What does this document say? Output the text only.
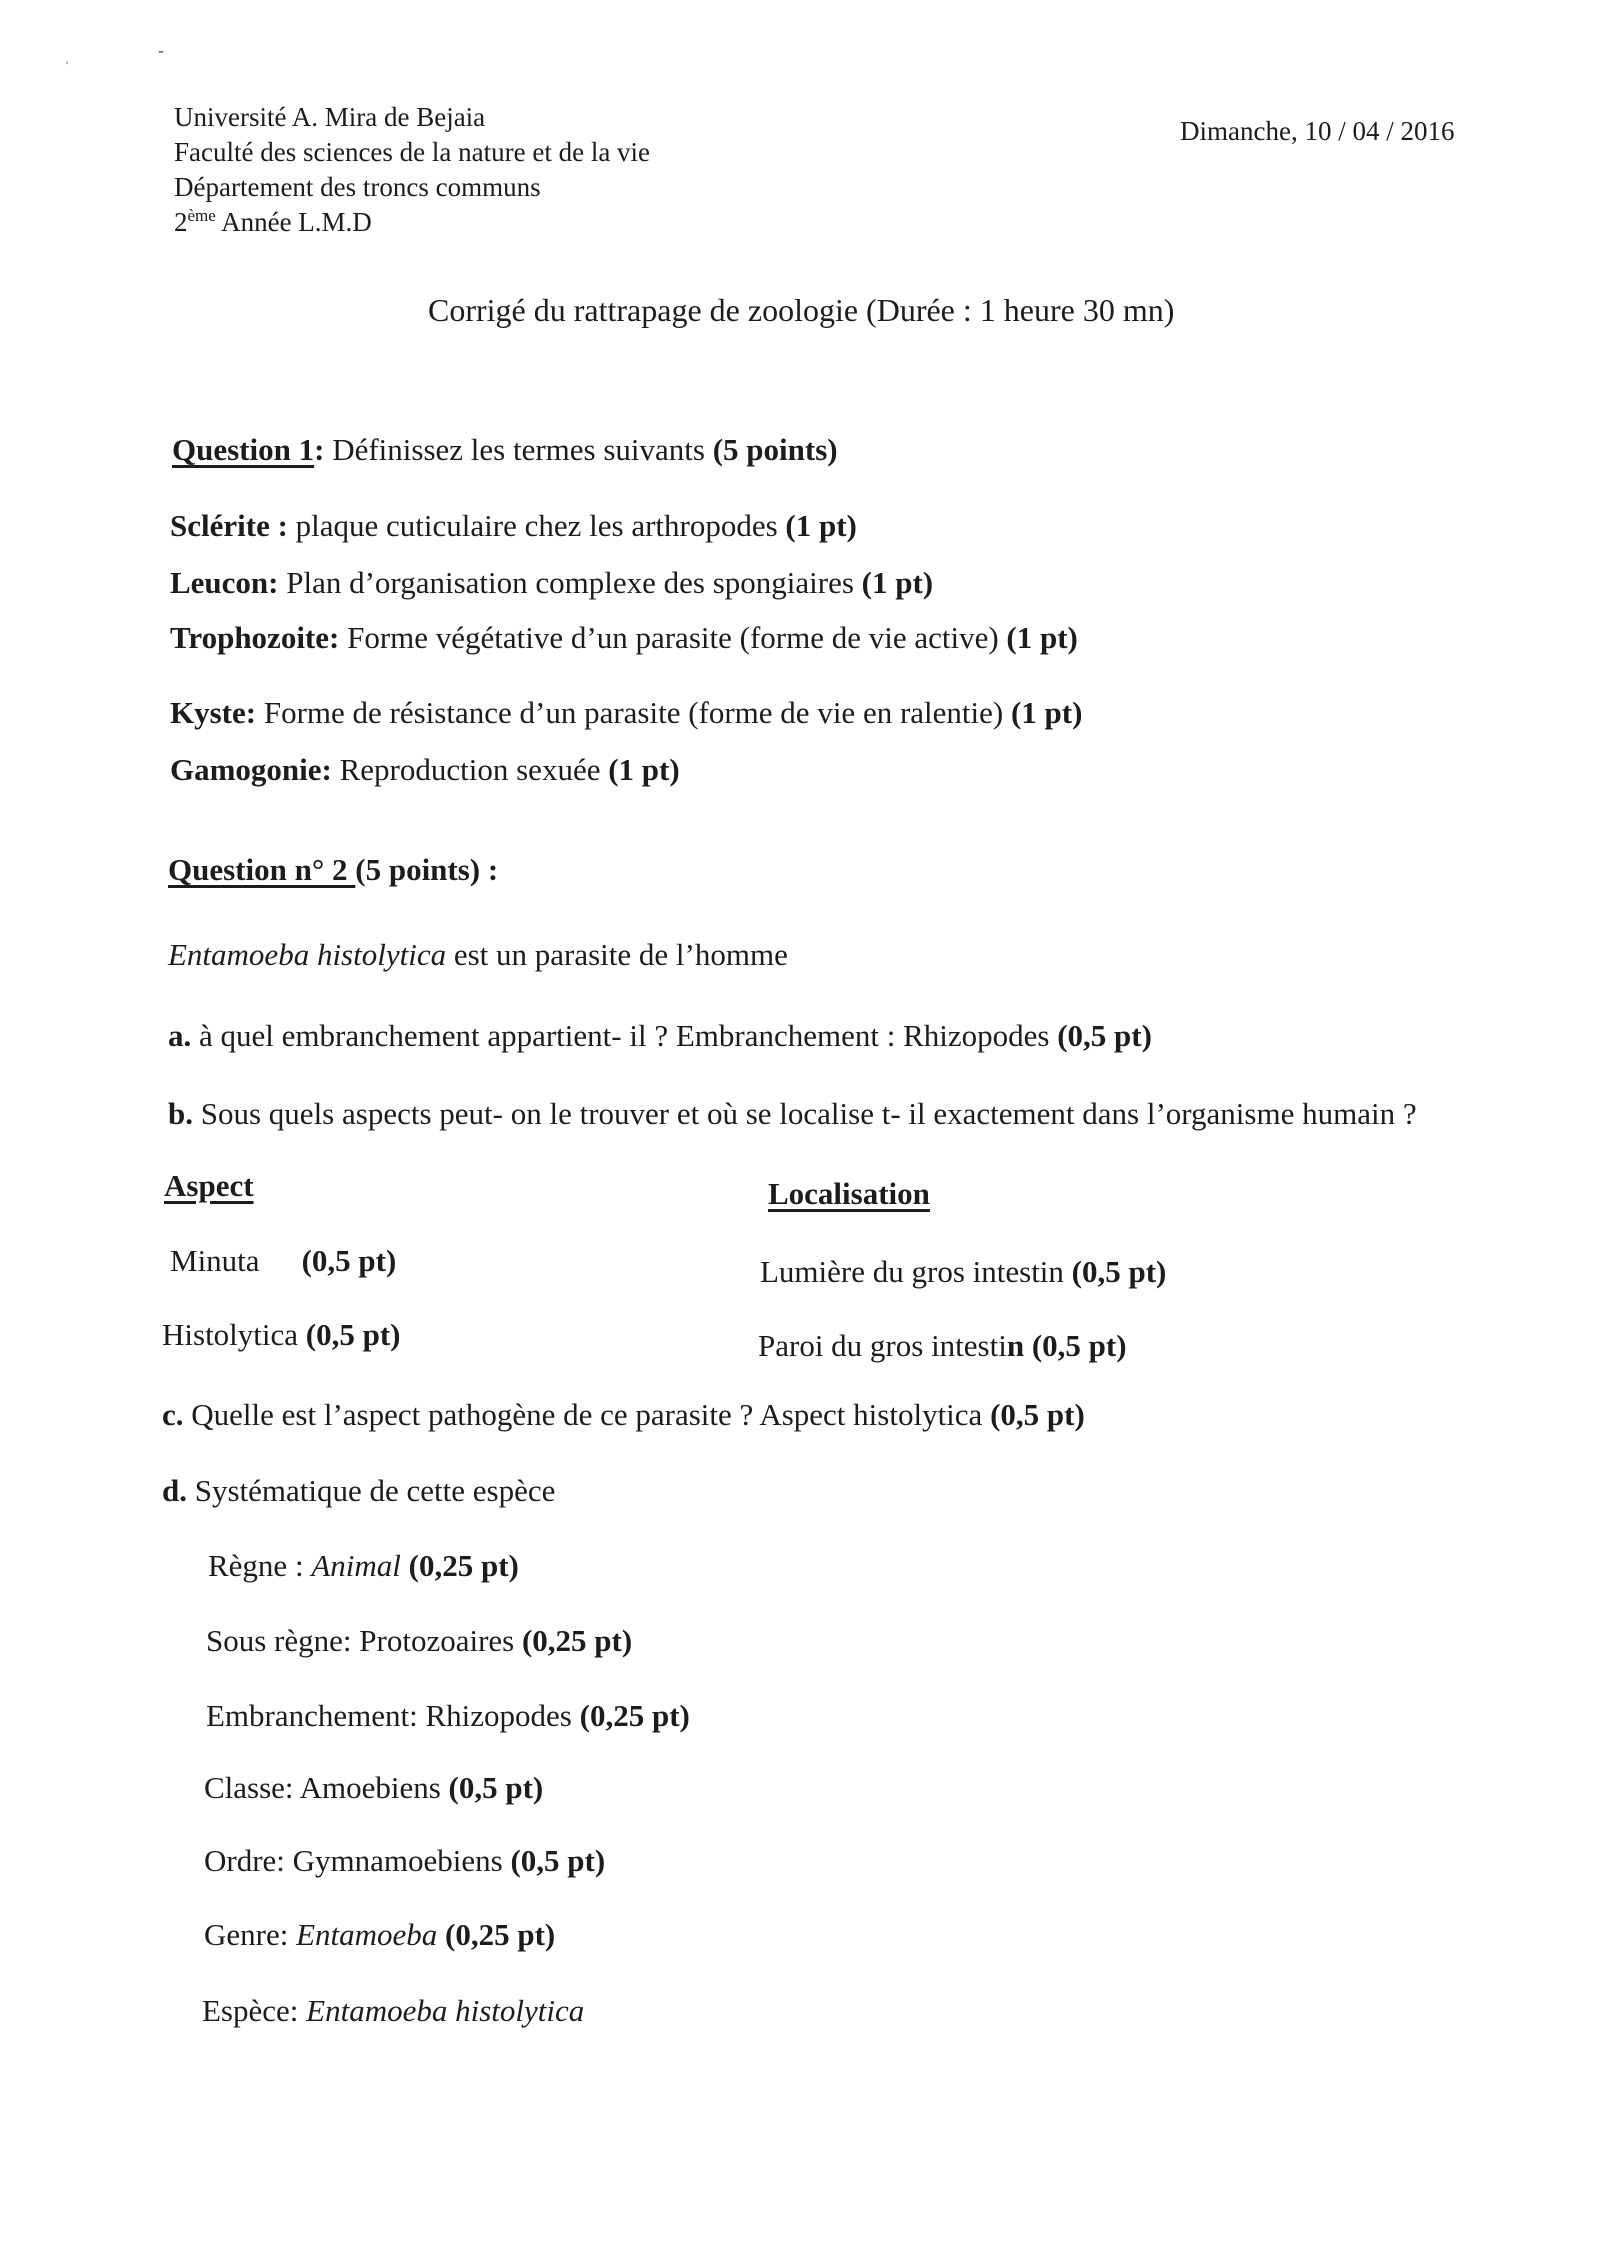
-
'
Université A. Mira de Bejaia
Faculté des sciences de la nature et de la vie
Département des troncs communs
2ème Année L.M.D
Dimanche, 10 / 04 / 2016
Corrigé du rattrapage de zoologie (Durée : 1 heure 30 mn)
Question 1: Définissez les termes suivants (5 points)
Sclérite : plaque cuticulaire chez les arthropodes (1 pt)
Leucon: Plan d’organisation complexe des spongiaires (1 pt)
Trophozoite: Forme végétative d’un parasite (forme de vie active) (1 pt)
Kyste: Forme de résistance d’un parasite (forme de vie en ralentie) (1 pt)
Gamogonie: Reproduction sexuée (1 pt)
Question n° 2 (5 points) :
Entamoeba histolytica est un parasite de l’homme
a. à quel embranchement appartient- il ? Embranchement : Rhizopodes (0,5 pt)
b. Sous quels aspects peut- on le trouver et où se localise t- il exactement dans l’organisme humain ?
Aspect	Localisation
Minuta (0,5 pt)	Lumière du gros intestin (0,5 pt)
Histolytica (0,5 pt)	Paroi du gros intestin (0,5 pt)
c. Quelle est l’aspect pathogène de ce parasite ? Aspect histolytica (0,5 pt)
d. Systématique de cette espèce
Règne : Animal (0,25 pt)
Sous règne: Protozoaires (0,25 pt)
Embranchement: Rhizopodes (0,25 pt)
Classe: Amoebiens (0,5 pt)
Ordre: Gymnamoebiens (0,5 pt)
Genre: Entamoeba (0,25 pt)
Espèce: Entamoeba histolytica
